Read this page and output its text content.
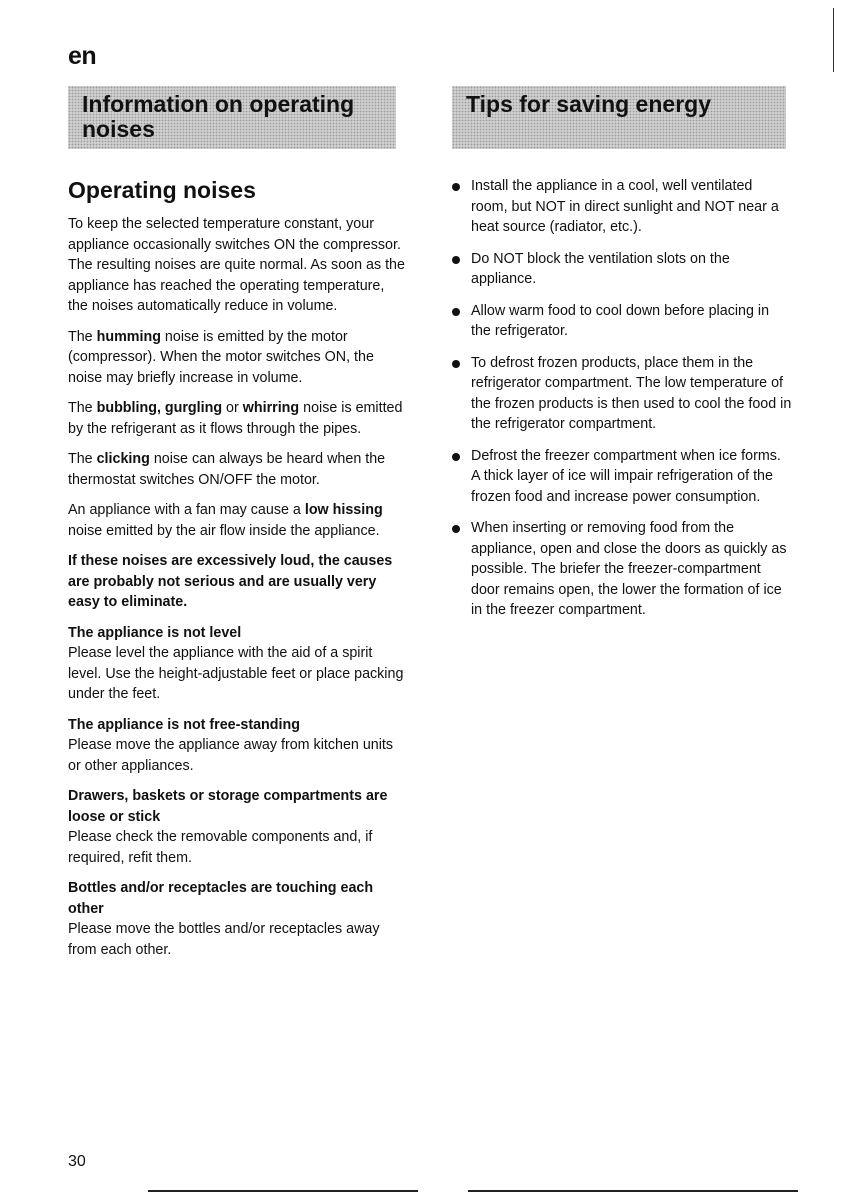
en
Information on operating noises
Tips for saving energy
Operating noises

To keep the selected temperature constant, your appliance occasionally switches ON the compressor. The resulting noises are quite normal. As soon as the appliance has reached the operating temperature, the noises automatically reduce in volume.

The humming noise is emitted by the motor (compressor). When the motor switches ON, the noise may briefly increase in volume.

The bubbling, gurgling or whirring noise is emitted by the refrigerant as it flows through the pipes.

The clicking noise can always be heard when the thermostat switches ON/OFF the motor.

An appliance with a fan may cause a low hissing noise emitted by the air flow inside the appliance.

If these noises are excessively loud, the causes are probably not serious and are usually very easy to eliminate.

The appliance is not level
Please level the appliance with the aid of a spirit level. Use the height-adjustable feet or place packing under the feet.

The appliance is not free-standing
Please move the appliance away from kitchen units or other appliances.

Drawers, baskets or storage compartments are loose or stick
Please check the removable components and, if required, refit them.

Bottles and/or receptacles are touching each other
Please move the bottles and/or receptacles away from each other.

Install the appliance in a cool, well ventilated room, but NOT in direct sunlight and NOT near a heat source (radiator, etc.).
Do NOT block the ventilation slots on the appliance.
Allow warm food to cool down before placing in the refrigerator.
To defrost frozen products, place them in the refrigerator compartment. The low temperature of the frozen products is then used to cool the food in the refrigerator compartment.
Defrost the freezer compartment when ice forms. A thick layer of ice will impair refrigeration of the frozen food and increase power consumption.
When inserting or removing food from the appliance, open and close the doors as quickly as possible. The briefer the freezer-compartment door remains open, the lower the formation of ice in the freezer compartment.
30
